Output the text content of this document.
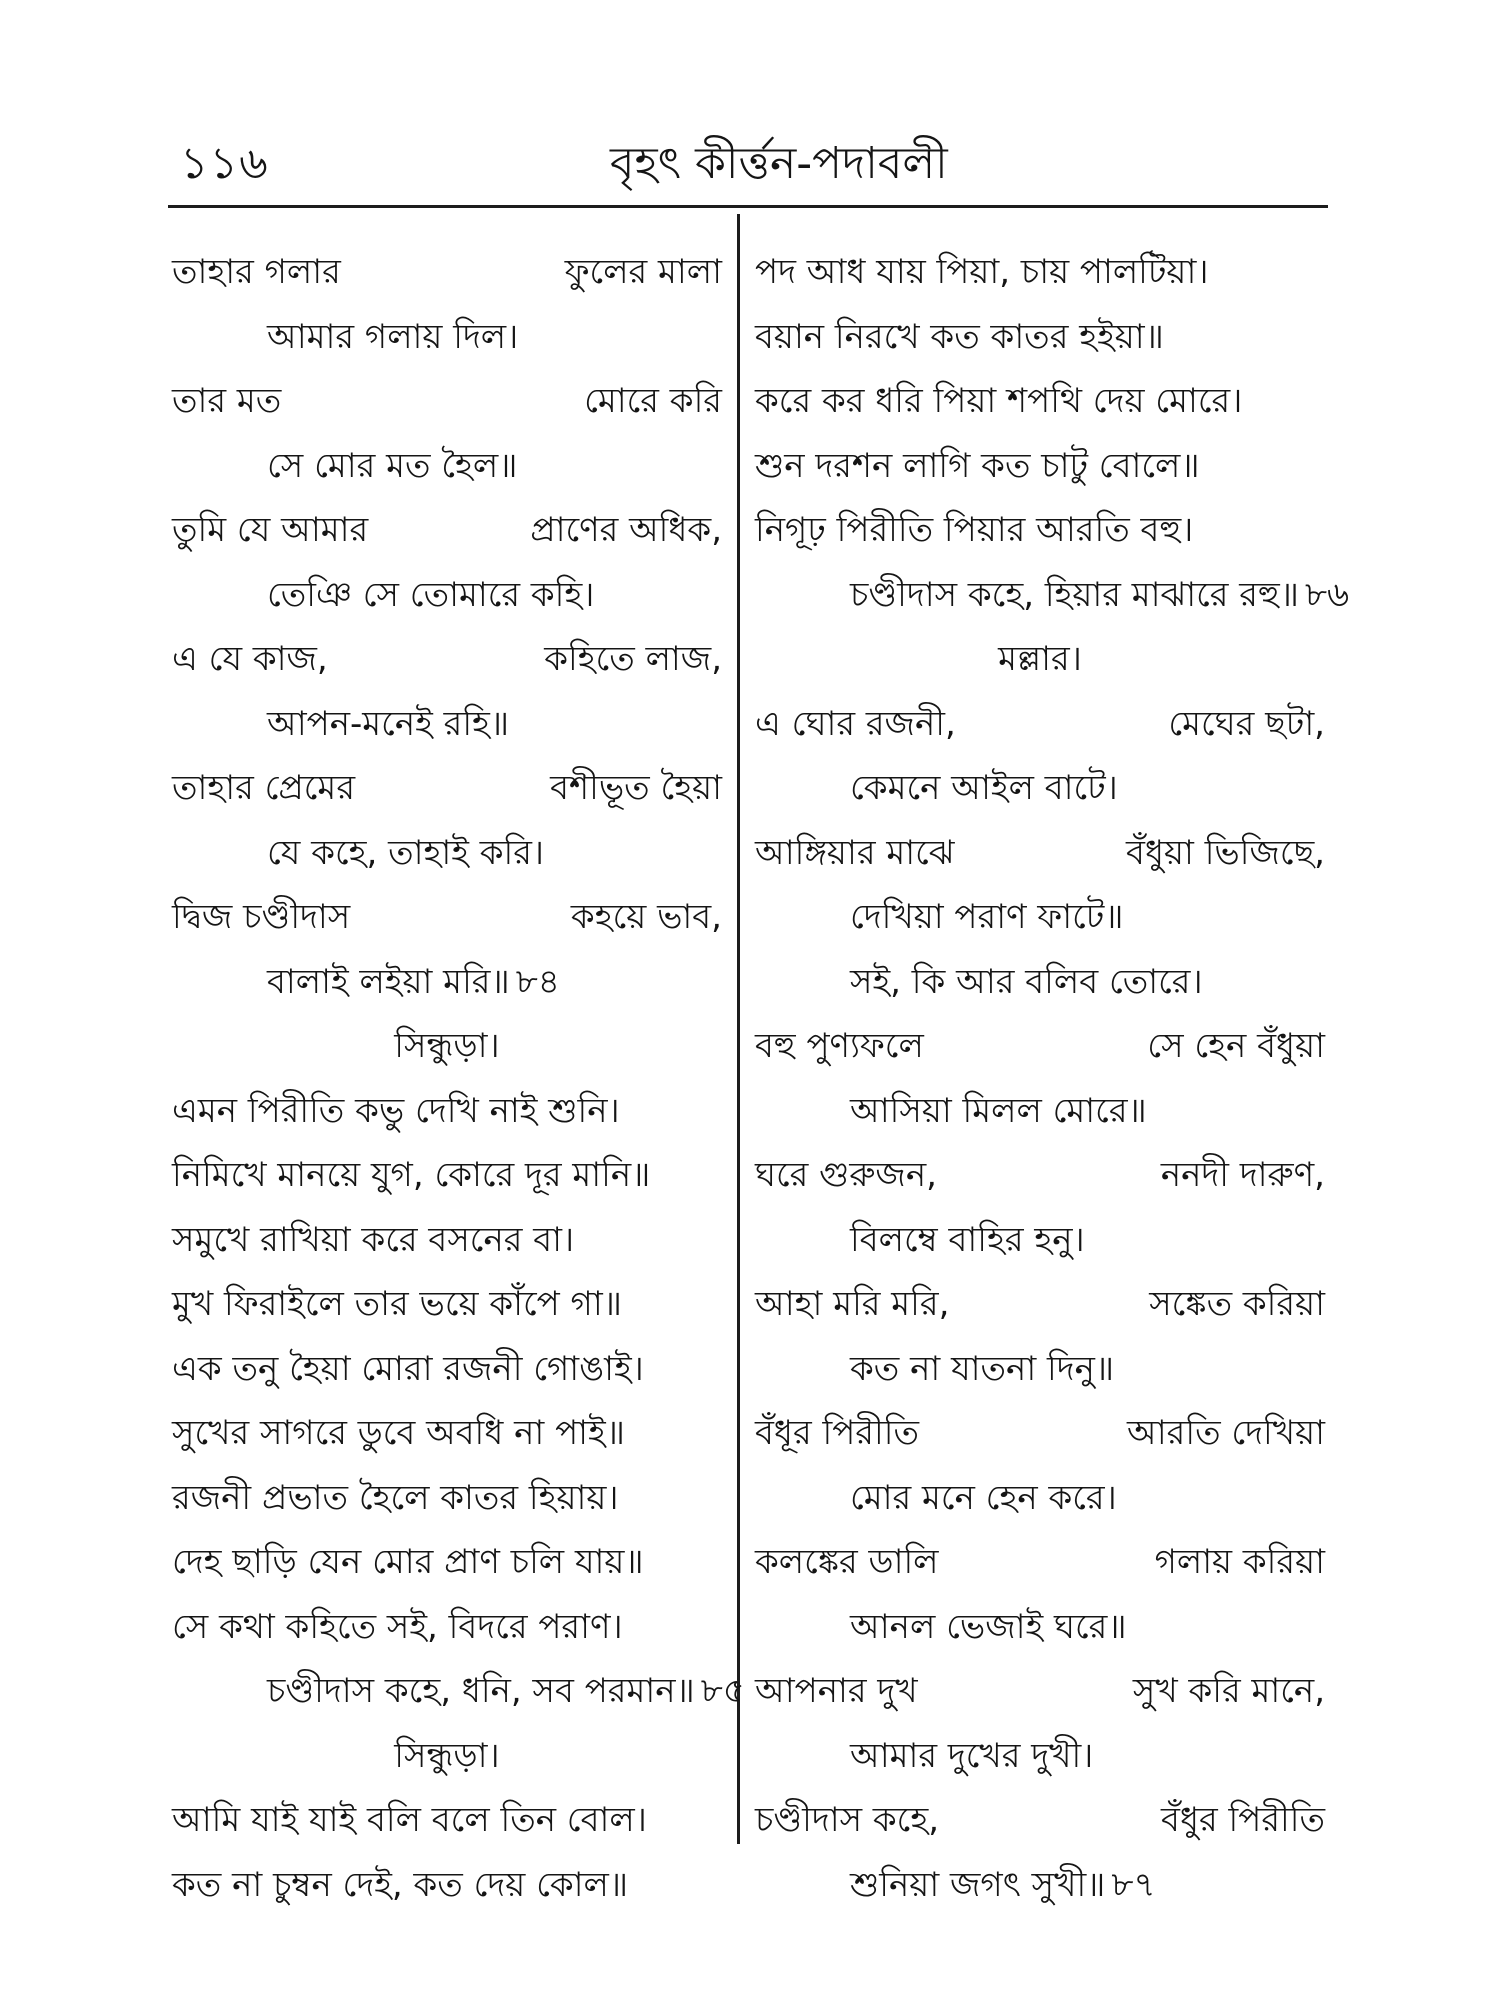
১১৬	বৃহৎ কীর্ত্তন-পদাবলী
তাহার গলার	ফুলের মালা
আমার গলায় দিল।
তার মত	মোরে করি
সে মোর মত হৈল॥
তুমি যে আমার	প্রাণের অধিক,
তেঞি সে তোমারে কহি।
এ যে কাজ,	কহিতে লাজ,
আপন-মনেই রহি॥
তাহার প্রেমের	বশীভূত হৈয়া
যে কহে, তাহাই করি।
দ্বিজ চণ্ডীদাস	কহয়ে ভাব,
বালাই লইয়া মরি॥ ৮৪
সিন্ধুড়া।
এমন পিরীতি কভু দেখি নাই শুনি।
নিমিখে মানয়ে যুগ, কোরে দূর মানি॥
সমুখে রাখিয়া করে বসনের বা।
মুখ ফিরাইলে তার ভয়ে কাঁপে গা॥
এক তনু হৈয়া মোরা রজনী গোঙাই।
সুখের সাগরে ডুবে অবধি না পাই॥
রজনী প্রভাত হৈলে কাতর হিয়ায়।
দেহ ছাড়ি যেন মোর প্রাণ চলি যায়॥
সে কথা কহিতে সই, বিদরে পরাণ।
চণ্ডীদাস কহে, ধনি, সব পরমান॥ ৮৫
সিন্ধুড়া।
আমি যাই যাই বলি বলে তিন বোল।
কত না চুম্বন দেই, কত দেয় কোল॥
পদ আধ যায় পিয়া, চায় পালটিয়া।
বয়ান নিরখে কত কাতর হইয়া॥
করে কর ধরি পিয়া শপথি দেয় মোরে।
শুন দরশন লাগি কত চাটু বোলে॥
নিগূঢ় পিরীতি পিয়ার আরতি বহু।
চণ্ডীদাস কহে, হিয়ার মাঝারে রহু॥ ৮৬
মল্লার।
এ ঘোর রজনী,	মেঘের ছটা,
কেমনে আইল বাটে।
আঙ্গিয়ার মাঝে	বঁধুয়া ভিজিছে,
দেখিয়া পরাণ ফাটে॥
সই, কি আর বলিব তোরে।
বহু পুণ্যফলে	সে হেন বঁধুয়া
আসিয়া মিলল মোরে॥
ঘরে গুরুজন,	ননদী দারুণ,
বিলম্বে বাহির হনু।
আহা মরি মরি,	সঙ্কেত করিয়া
কত না যাতনা দিনু॥
বঁধূর পিরীতি	আরতি দেখিয়া
মোর মনে হেন করে।
কলঙ্কের ডালি	গলায় করিয়া
আনল ভেজাই ঘরে॥
আপনার দুখ	সুখ করি মানে,
আমার দুখের দুখী।
চণ্ডীদাস কহে,	বঁধুর পিরীতি
শুনিয়া জগৎ সুখী॥ ৮৭
